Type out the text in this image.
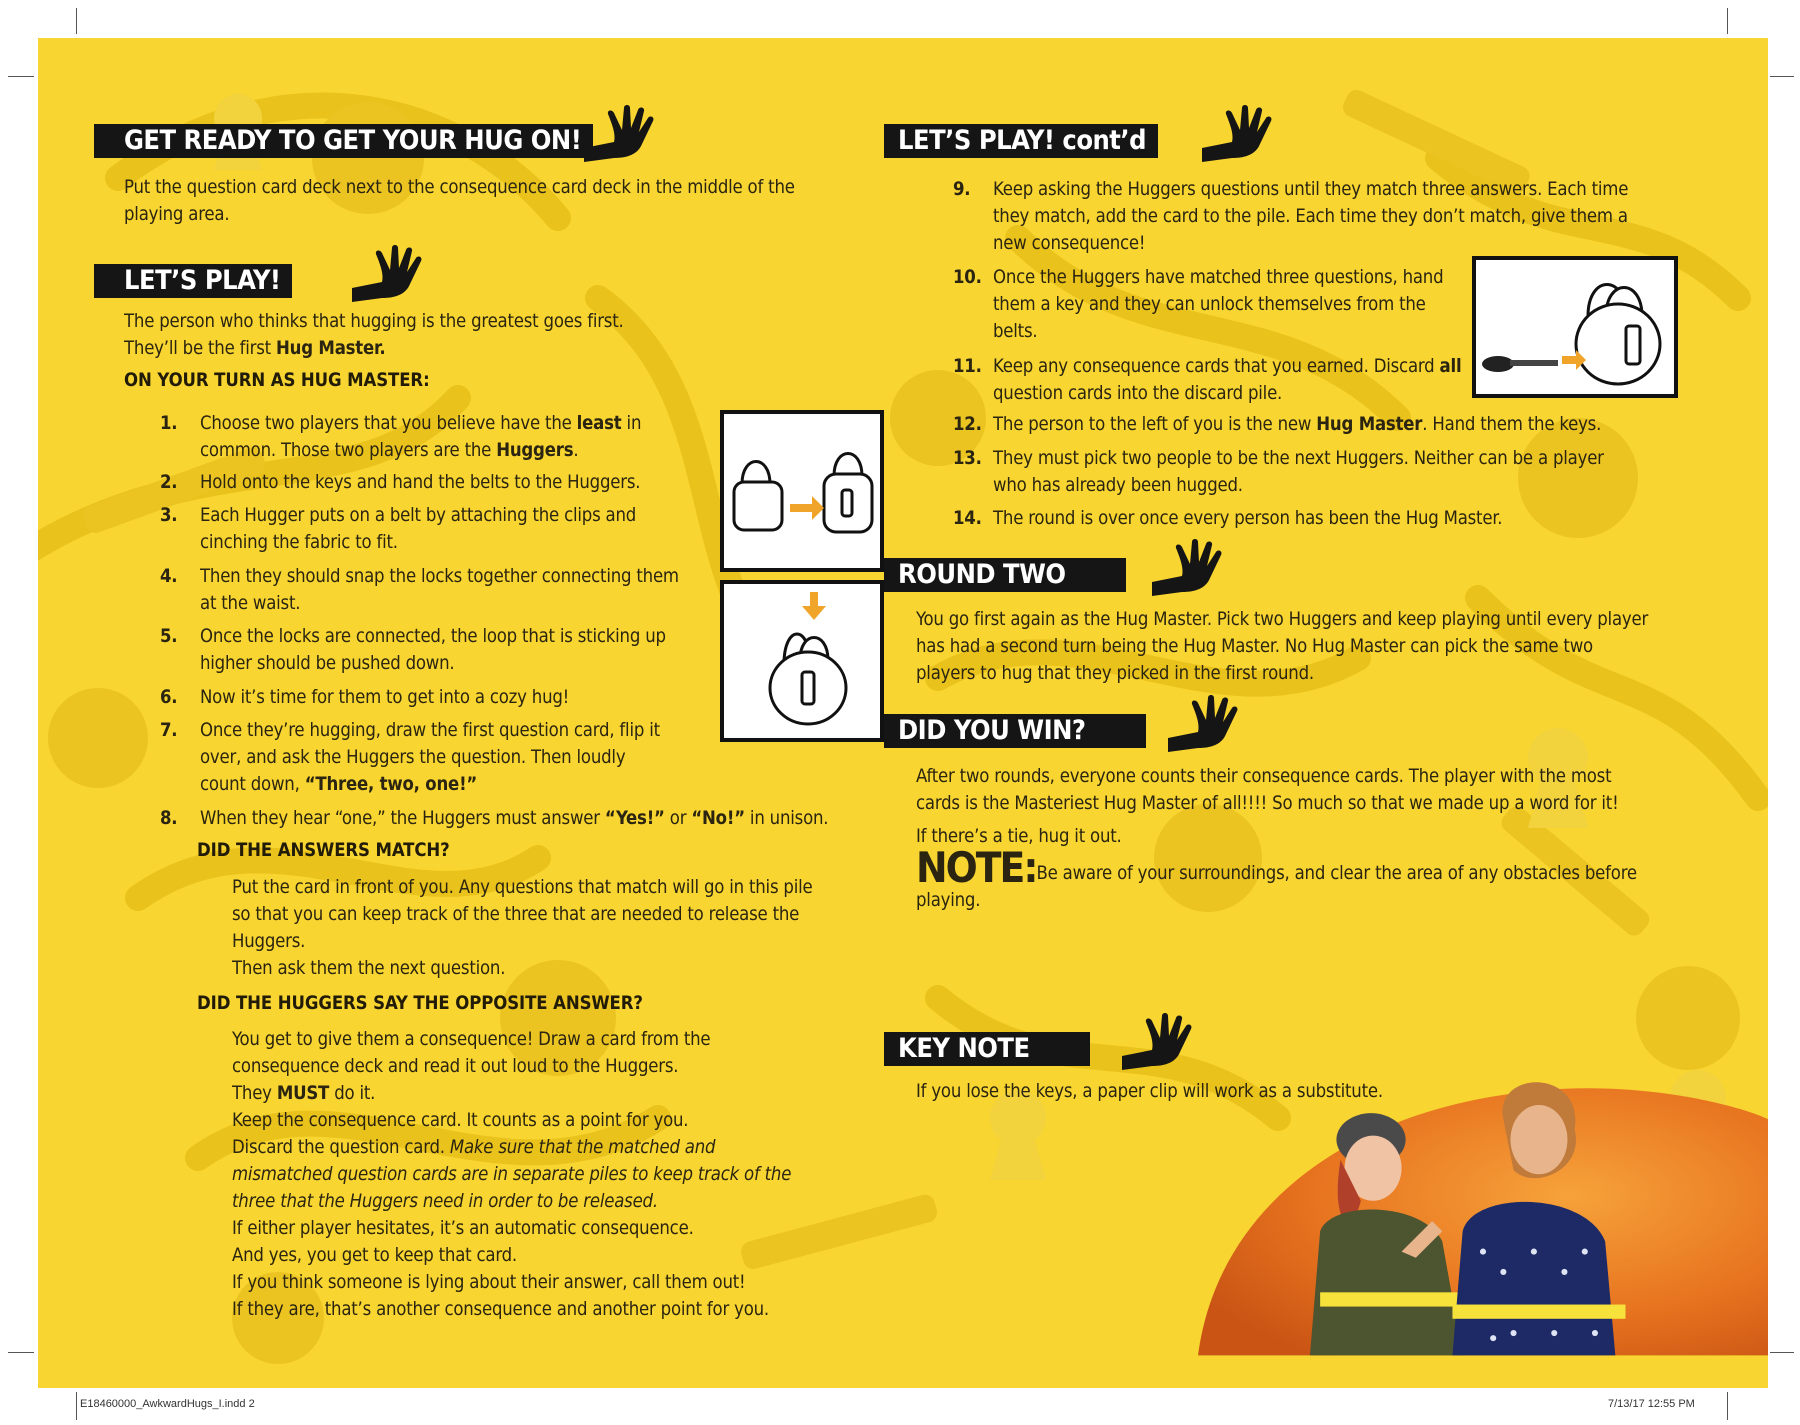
GET READY TO GET YOUR HUG ON!
Put the question card deck next to the consequence card deck in the middle of the playing area.
LET’S PLAY!
The person who thinks that hugging is the greatest goes first.
They’ll be the first Hug Master.
ON YOUR TURN AS HUG MASTER:
1.	Choose two players that you believe have the least in common. Those two players are the Huggers.
2.	Hold onto the keys and hand the belts to the Huggers.
3.	Each Hugger puts on a belt by attaching the clips and cinching the fabric to fit.
4.	Then they should snap the locks together connecting them at the waist.
5.	Once the locks are connected, the loop that is sticking up higher should be pushed down.
6.	Now it’s time for them to get into a cozy hug!
7.	Once they’re hugging, draw the first question card, flip it over, and ask the Huggers the question. Then loudly count down, “Three, two, one!”
8.	When they hear “one,” the Huggers must answer “Yes!” or “No!” in unison.
DID THE ANSWERS MATCH?
Put the card in front of you. Any questions that match will go in this pile so that you can keep track of the three that are needed to release the Huggers.
Then ask them the next question.
DID THE HUGGERS SAY THE OPPOSITE ANSWER?
You get to give them a consequence! Draw a card from the consequence deck and read it out loud to the Huggers.
They MUST do it.
Keep the consequence card. It counts as a point for you.
Discard the question card. Make sure that the matched and mismatched question cards are in separate piles to keep track of the three that the Huggers need in order to be released.
If either player hesitates, it’s an automatic consequence.
And yes, you get to keep that card.
If you think someone is lying about their answer, call them out!
If they are, that’s another consequence and another point for you.
LET’S PLAY! cont’d
9.	Keep asking the Huggers questions until they match three answers. Each time they match, add the card to the pile. Each time they don’t match, give them a new consequence!
10. Once the Huggers have matched three questions, hand them a key and they can unlock themselves from the belts.
11. Keep any consequence cards that you earned. Discard all question cards into the discard pile.
12. The person to the left of you is the new Hug Master. Hand them the keys.
13. They must pick two people to be the next Huggers. Neither can be a player who has already been hugged.
14. The round is over once every person has been the Hug Master.
ROUND TWO
You go first again as the Hug Master. Pick two Huggers and keep playing until every player has had a second turn being the Hug Master. No Hug Master can pick the same two players to hug that they picked in the first round.
DID YOU WIN?
After two rounds, everyone counts their consequence cards. The player with the most cards is the Masteriest Hug Master of all!!!! So much so that we made up a word for it!
If there’s a tie, hug it out.
NOTE:Be aware of your surroundings, and clear the area of any obstacles before playing.
KEY NOTE
If you lose the keys, a paper clip will work as a substitute.
E18460000_AwkwardHugs_I.indd 2	7/13/17 12:55 PM
